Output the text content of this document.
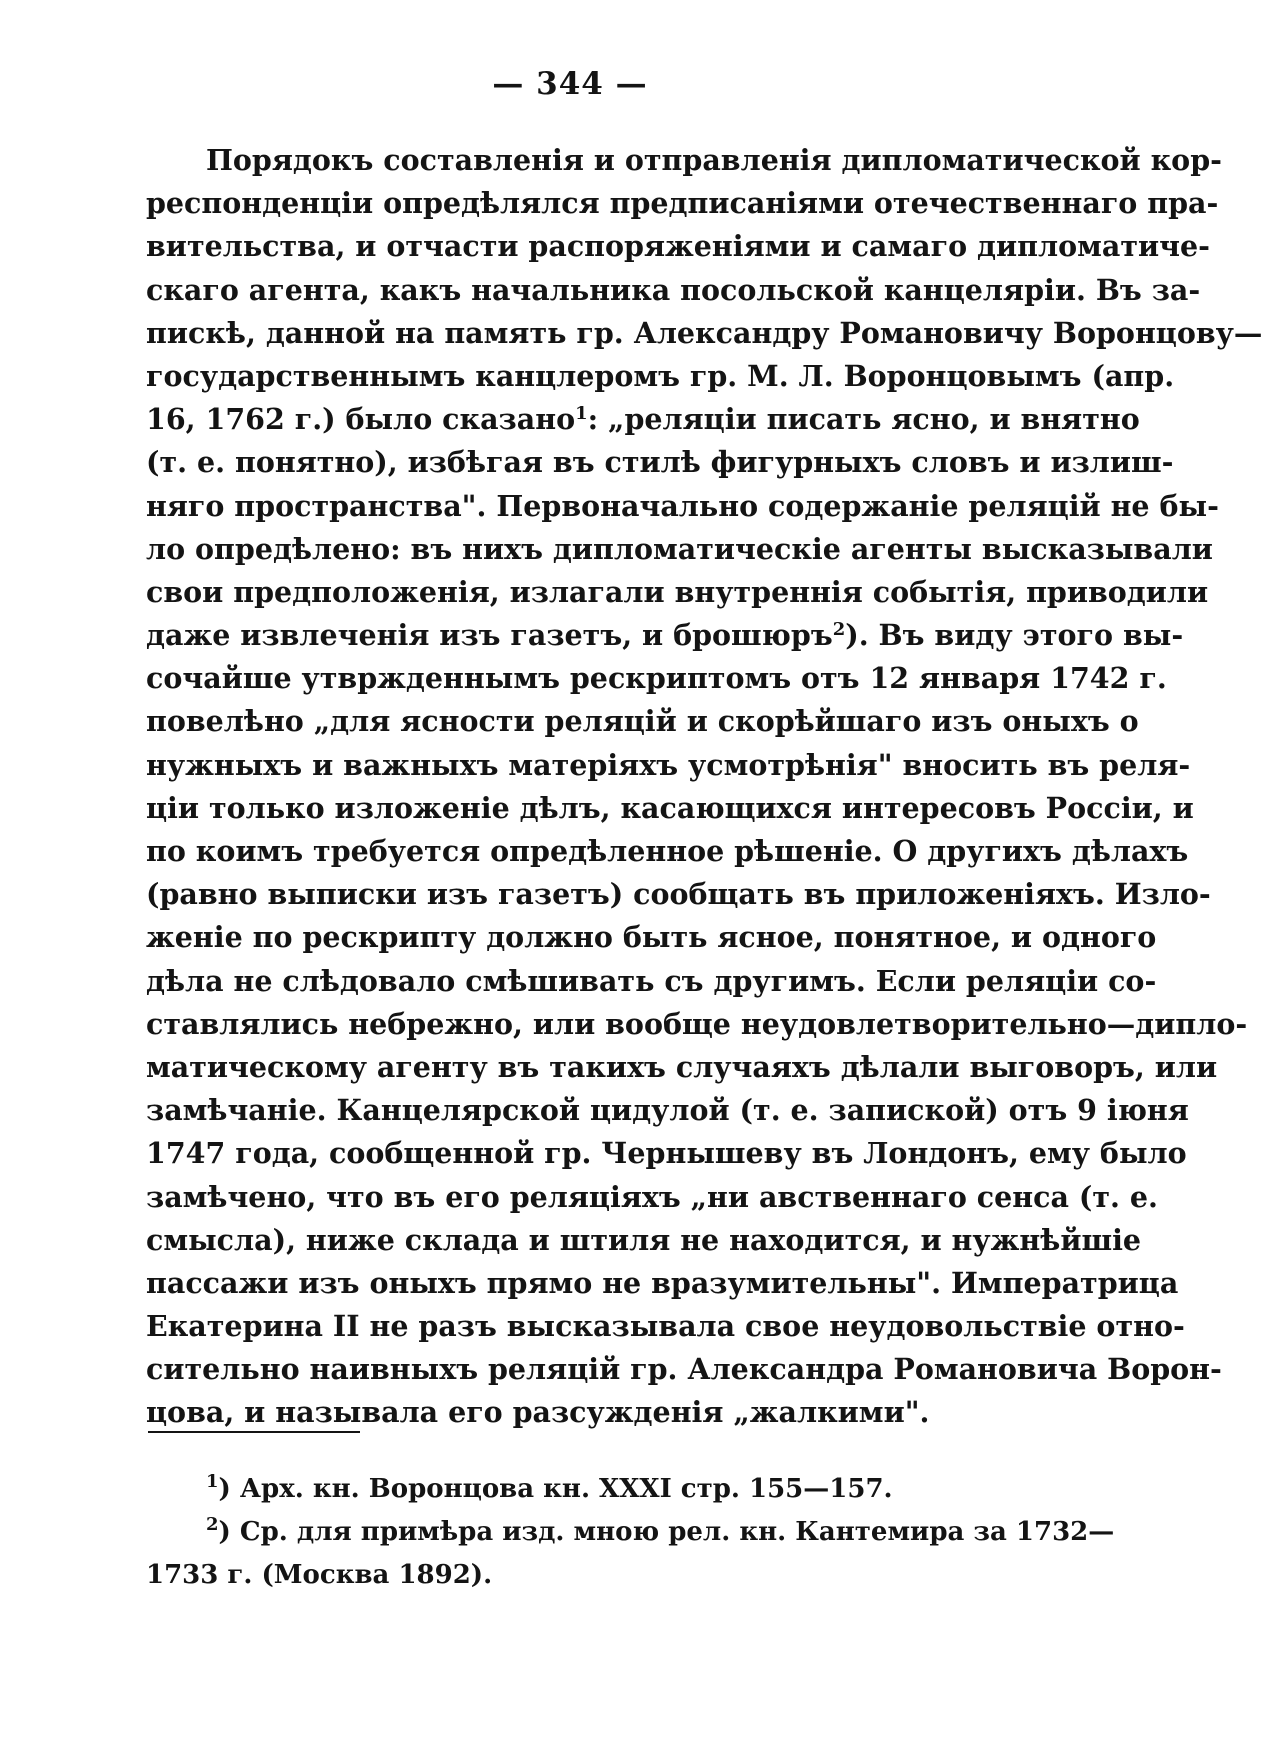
— 344 —
Порядокъ составленія и отправленія дипломатической кор-
респонденціи опредѣлялся предписаніями отечественнаго пра-
вительства, и отчасти распоряженіями и самаго дипломатиче-
скаго агента, какъ начальника посольской канцеляріи. Въ за-
пискѣ, данной на память гр. Александру Романовичу Воронцову—
государственнымъ канцлеромъ гр. М. Л. Воронцовымъ (апр.
16, 1762 г.) было сказано$^1$: „реляціи писать ясно, и внятно
(т. е. понятно), избѣгая въ стилѣ фигурныхъ словъ и излиш-
няго пространства". Первоначально содержаніе реляцій не бы-
ло опредѣлено: въ нихъ дипломатическіе агенты высказывали
свои предположенія, излагали внутреннія событія, приводили
даже извлеченія изъ газетъ, и брошюръ$^2$). Въ виду этого вы-
сочайше утвржденнымъ рескриптомъ отъ 12 января 1742 г.
повелѣно „для ясности реляцій и скорѣйшаго изъ оныхъ о
нужныхъ и важныхъ матеріяхъ усмотрѣнія" вносить въ реля-
ціи только изложеніе дѣлъ, касающихся интересовъ Россіи, и
по коимъ требуется опредѣленное рѣшеніе. О другихъ дѣлахъ
(равно выписки изъ газетъ) сообщать въ приложеніяхъ. Изло-
женіе по рескрипту должно быть ясное, понятное, и одного
дѣла не слѣдовало смѣшивать съ другимъ. Если реляціи со-
ставлялись небрежно, или вообще неудовлетворительно—дипло-
матическому агенту въ такихъ случаяхъ дѣлали выговоръ, или
замѣчаніе. Канцелярской цидулой (т. е. запиской) отъ 9 іюня
1747 года, сообщенной гр. Чернышеву въ Лондонъ, ему было
замѣчено, что въ его реляціяхъ „ни авственнаго сенса (т. е.
смысла), ниже склада и штиля не находится, и нужнѣйшіе
пассажи изъ оныхъ прямо не вразумительны". Императрица
Екатерина II не разъ высказывала свое неудовольствіе отно-
сительно наивныхъ реляцій гр. Александра Романовича Ворон-
цова, и называла его разсужденія „жалкими".
$^1$) Арх. кн. Воронцова кн. XXXI стр. 155—157.
$^2$) Ср. для примѣра изд. мною рел. кн. Кантемира за 1732—
1733 г. (Москва 1892).
